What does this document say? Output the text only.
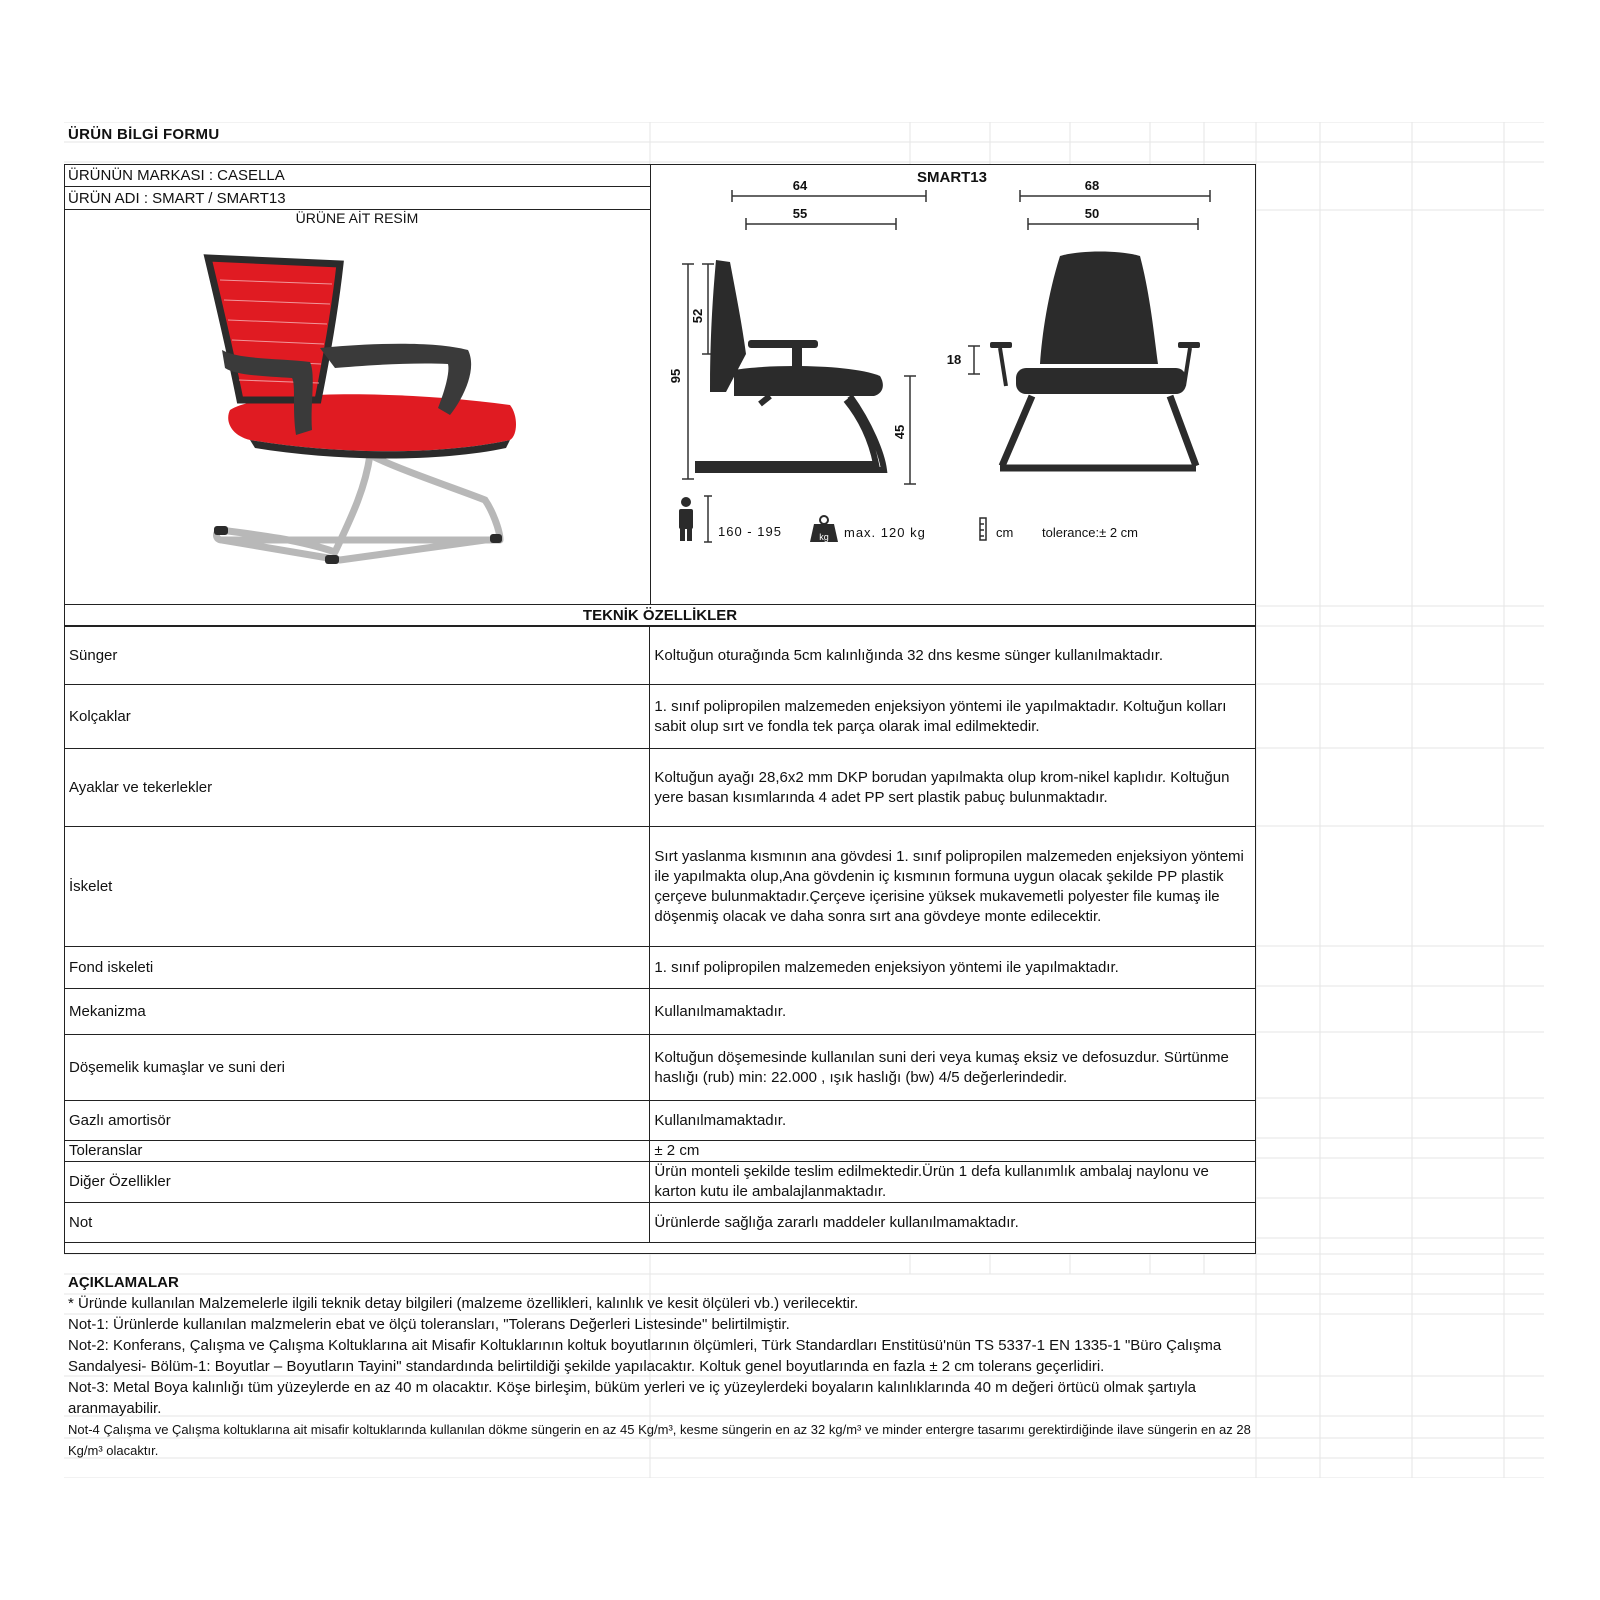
ÜRÜN BİLGİ FORMU
ÜRÜNÜN MARKASI : CASELLA
ÜRÜN ADI : SMART / SMART13
ÜRÜNE AİT RESİM
SMART13
64
55
68
50
95
52
45
18
160 - 195	kg max. 120 kg	cm tolerance:± 2 cm
TEKNİK ÖZELLİKLER
Sünger	Koltuğun oturağında 5cm kalınlığında 32 dns kesme sünger kullanılmaktadır.
Kolçaklar	1. sınıf polipropilen malzemeden enjeksiyon yöntemi ile yapılmaktadır. Koltuğun kolları sabit olup sırt ve fondla tek parça olarak imal edilmektedir.
Ayaklar ve tekerlekler	Koltuğun ayağı 28,6x2 mm DKP borudan yapılmakta olup krom-nikel kaplıdır. Koltuğun yere basan kısımlarında 4 adet PP sert plastik pabuç bulunmaktadır.
İskelet	Sırt yaslanma kısmının ana gövdesi 1. sınıf polipropilen malzemeden enjeksiyon yöntemi ile yapılmakta olup,Ana gövdenin iç kısmının formuna uygun olacak şekilde PP plastik çerçeve bulunmaktadır.Çerçeve içerisine yüksek mukavemetli polyester file kumaş ile döşenmiş olacak ve daha sonra sırt ana gövdeye monte edilecektir.
Fond iskeleti	1. sınıf polipropilen malzemeden enjeksiyon yöntemi ile yapılmaktadır.
Mekanizma	Kullanılmamaktadır.
Döşemelik kumaşlar ve suni deri	Koltuğun döşemesinde kullanılan suni deri veya kumaş eksiz ve defosuzdur. Sürtünme haslığı (rub) min: 22.000 , ışık haslığı (bw) 4/5 değerlerindedir.
Gazlı amortisör	Kullanılmamaktadır.
Toleranslar	± 2 cm
Diğer Özellikler	Ürün monteli şekilde teslim edilmektedir.Ürün 1 defa kullanımlık ambalaj naylonu ve karton kutu ile ambalajlanmaktadır.
Not	Ürünlerde sağlığa zararlı maddeler kullanılmamaktadır.
AÇIKLAMALAR
* Üründe kullanılan Malzemelerle ilgili teknik detay bilgileri (malzeme özellikleri, kalınlık ve kesit ölçüleri vb.) verilecektir.
Not-1: Ürünlerde kullanılan malzmelerin ebat ve ölçü toleransları, "Tolerans Değerleri Listesinde" belirtilmiştir.
Not-2: Konferans, Çalışma ve Çalışma Koltuklarına ait Misafir Koltuklarının koltuk boyutlarının ölçümleri, Türk Standardları Enstitüsü'nün TS 5337-1 EN 1335-1 "Büro Çalışma Sandalyesi- Bölüm-1: Boyutlar – Boyutların Tayini" standardında belirtildiği şekilde yapılacaktır. Koltuk genel boyutlarında en fazla ± 2 cm tolerans geçerlidiri.
Not-3: Metal Boya kalınlığı tüm yüzeylerde en az 40 m olacaktır. Köşe birleşim, büküm yerleri ve iç yüzeylerdeki boyaların kalınlıklarında 40 m değeri örtücü olmak şartıyla aranmayabilir.
Not-4 Çalışma ve Çalışma koltuklarına ait misafir koltuklarında kullanılan dökme süngerin en az 45 Kg/m³, kesme süngerin en az 32 kg/m³ ve minder entergre tasarımı gerektirdiğinde ilave süngerin en az 28 Kg/m³ olacaktır.
